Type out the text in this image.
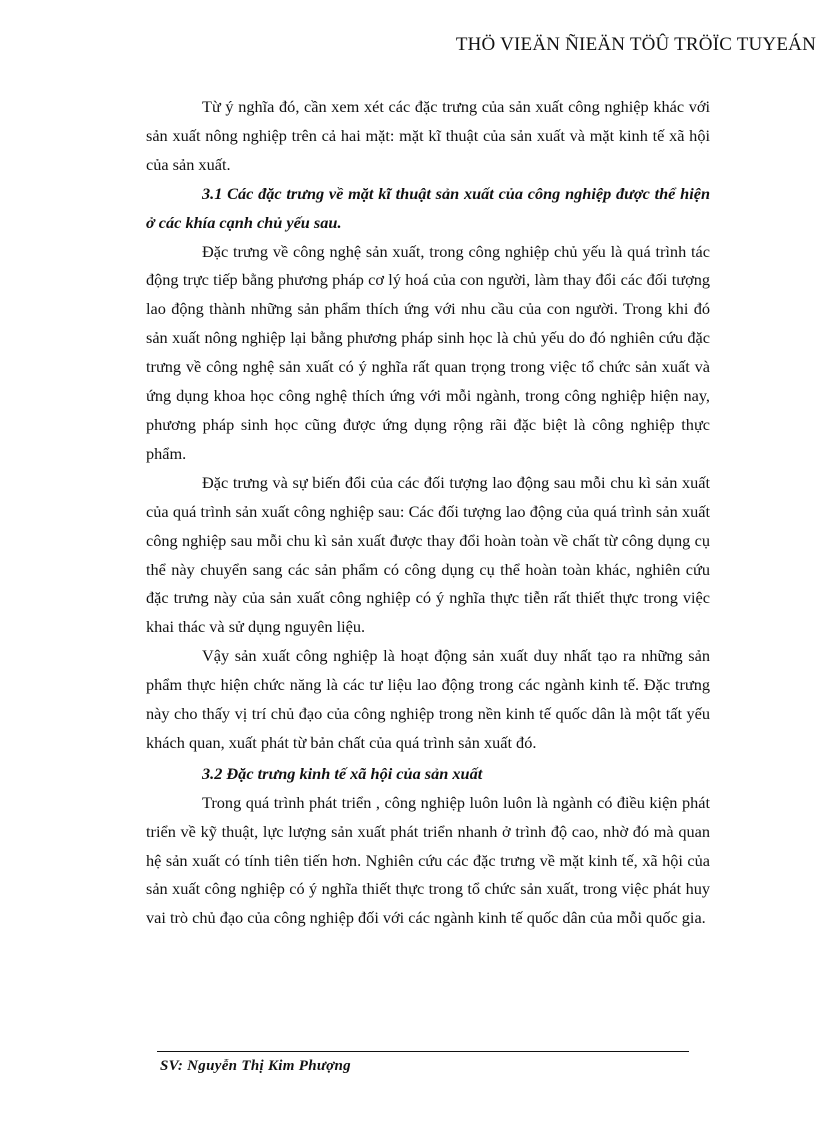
THÖ VIEÄN ÑIEÄN TÖÛ TRÖÏC TUYEÁN

Từ ý nghĩa đó, cần xem xét các đặc trưng của sản xuất công nghiệp khác với sản xuất nông nghiệp trên cả hai mặt: mặt kĩ thuật của sản xuất và mặt kinh tế xã hội của sản xuất.

3.1 Các đặc trưng về mặt kĩ thuật sản xuất của công nghiệp được thể hiện ở các khía cạnh chủ yếu sau.

Đặc trưng về công nghệ sản xuất, trong công nghiệp chủ yếu là quá trình tác động trực tiếp bằng phương pháp cơ lý hoá của con người, làm thay đổi các đối tượng lao động thành những sản phẩm thích ứng với nhu cầu của con người. Trong khi đó sản xuất nông nghiệp lại bằng phương pháp sinh học là chủ yếu do đó nghiên cứu đặc trưng về công nghệ sản xuất có ý nghĩa rất quan trọng trong việc tổ chức sản xuất và ứng dụng khoa học công nghệ thích ứng với mỗi ngành, trong công nghiệp hiện nay, phương pháp sinh học cũng được ứng dụng rộng rãi đặc biệt là công nghiệp thực phẩm.

Đặc trưng và sự biến đổi của các đối tượng lao động sau mỗi chu kì sản xuất của quá trình sản xuất công nghiệp sau: Các đối tượng lao động của quá trình sản xuất công nghiệp sau mỗi chu kì sản xuất được thay đổi hoàn toàn về chất từ công dụng cụ thể này chuyển sang các sản phẩm có công dụng cụ thể hoàn toàn khác, nghiên cứu đặc trưng này của sản xuất công nghiệp có ý nghĩa thực tiễn rất thiết thực trong việc khai thác và sử dụng nguyên liệu.

Vậy sản xuất công nghiệp là hoạt động sản xuất duy nhất tạo ra những sản phẩm thực hiện chức năng là các tư liệu lao động trong các ngành kinh tế. Đặc trưng này cho thấy vị trí chủ đạo của công nghiệp trong nền kinh tế quốc dân là một tất yếu khách quan, xuất phát từ bản chất của quá trình sản xuất đó.

3.2 Đặc trưng kinh tế xã hội của sản xuất

Trong quá trình phát triển , công nghiệp luôn luôn là ngành có điều kiện phát triển về kỹ thuật, lực lượng sản xuất phát triển nhanh ở trình độ cao, nhờ đó mà quan hệ sản xuất có tính tiên tiến hơn. Nghiên cứu các đặc trưng về mặt kinh tế, xã hội của sản xuất công nghiệp có ý nghĩa thiết thực trong tổ chức sản xuất, trong việc phát huy vai trò chủ đạo của công nghiệp đối với các ngành kinh tế quốc dân của mỗi quốc gia.

SV: Nguyễn Thị Kim Phượng
